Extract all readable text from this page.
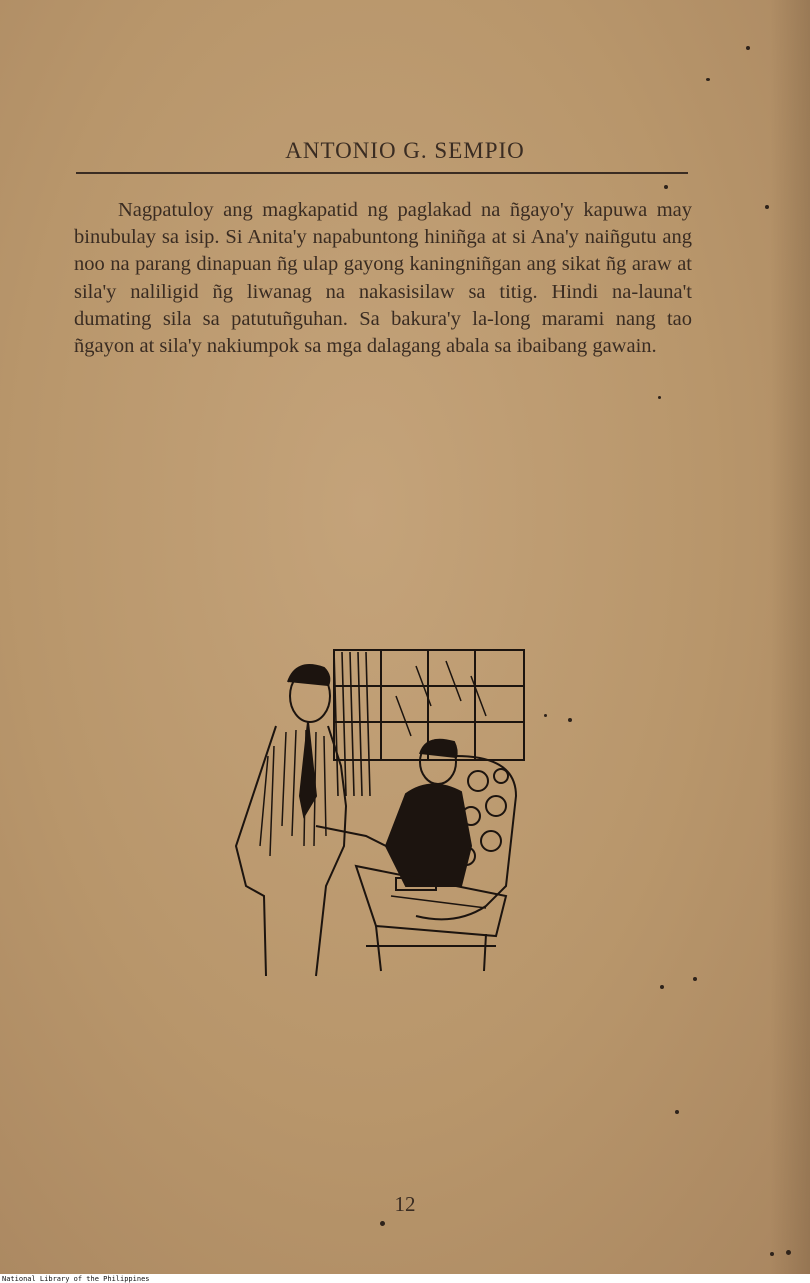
ANTONIO G. SEMPIO

Nagpatuloy ang magkapatid ng paglakad na ñgayo'y kapuwa may binubulay sa isip. Si Anita'y napabuntong hiniñga at si Ana'y naiñgutu ang noo na parang dinapuan ñg ulap gayong kaningniñgan ang sikat ñg araw at sila'y naliligid ñg liwanag na nakasisilaw sa titig. Hindi na-launa't dumating sila sa patutuñguhan. Sa bakura'y la-long marami nang tao ñgayon at sila'y nakiumpok sa mga dalagang abala sa ibaibang gawain.

12
National Library of the Philippines
